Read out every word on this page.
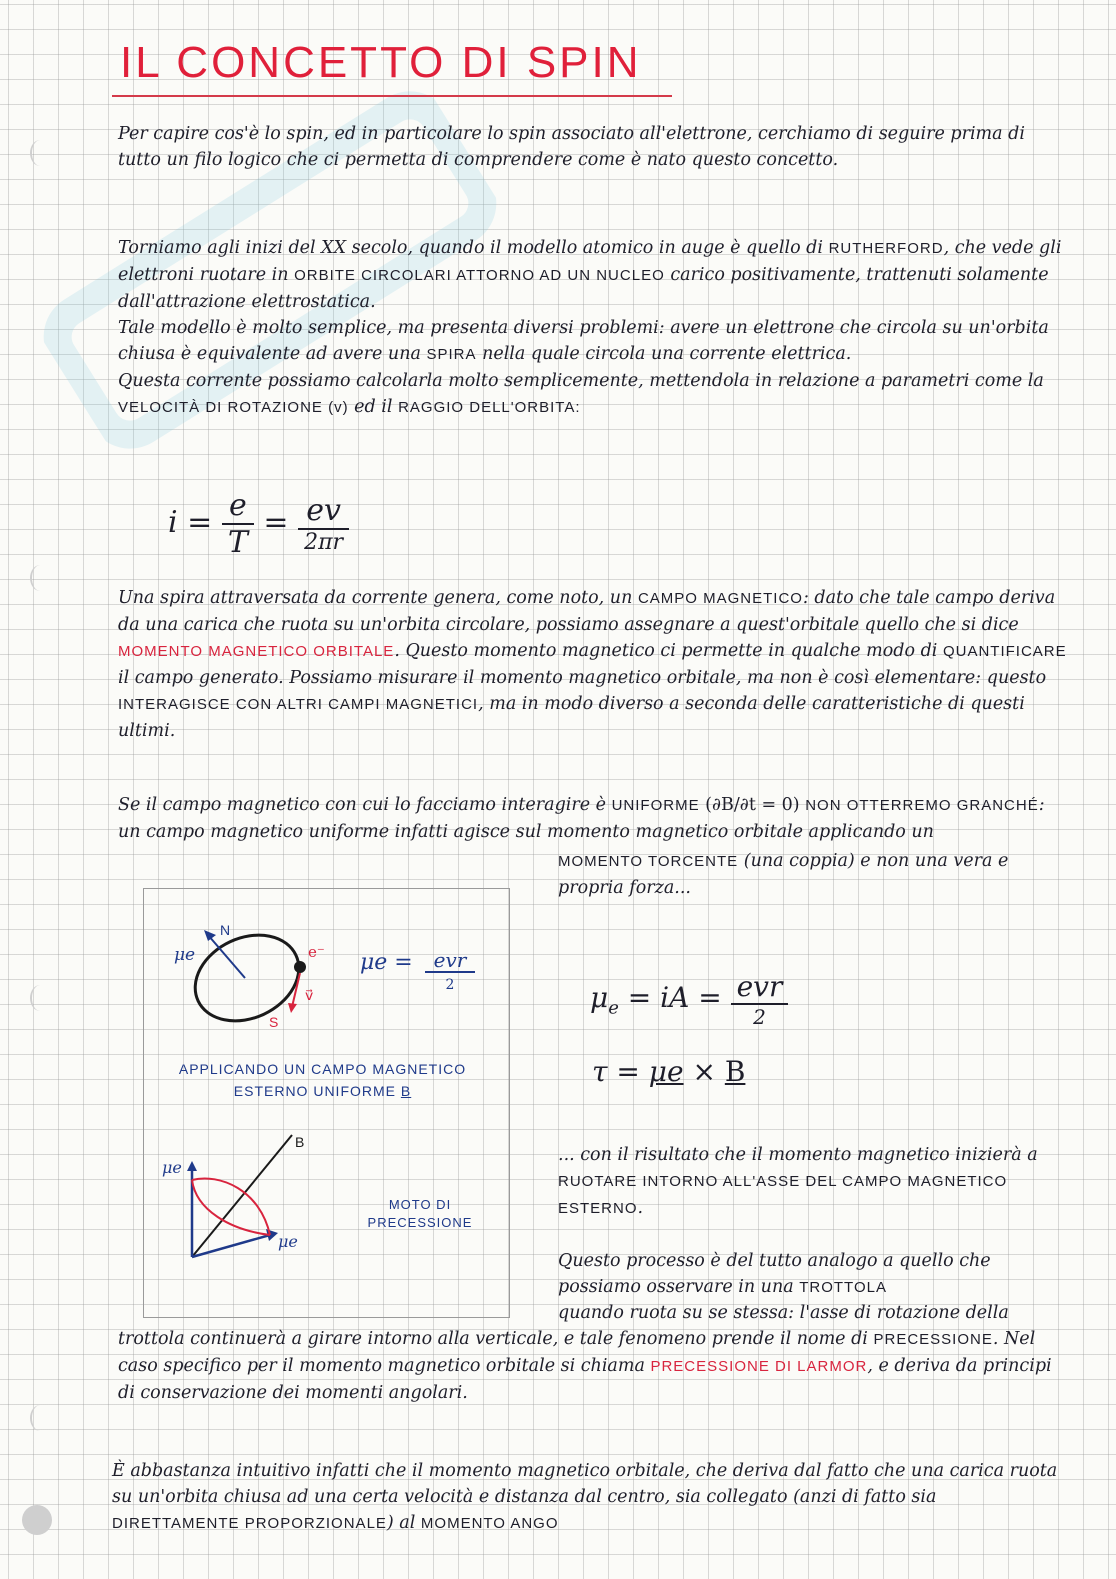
IL CONCETTO DI SPIN

Per capire cos'è lo spin, ed in particolare lo spin associato all'elettrone, cerchiamo di seguire prima di tutto un filo logico che ci permetta di comprendere come è nato questo concetto.

Torniamo agli inizi del XX secolo, quando il modello atomico in auge è quello di RUTHERFORD, che vede gli elettroni ruotare in ORBITE CIRCOLARI ATTORNO AD UN NUCLEO carico positivamente, trattenuti solamente dall'attrazione elettrostatica.
Tale modello è molto semplice, ma presenta diversi problemi: avere un elettrone che circola su un'orbita chiusa è equivalente ad avere una SPIRA nella quale circola una corrente elettrica.
Questa corrente possiamo calcolarla molto semplicemente, mettendola in relazione a parametri come la VELOCITÀ DI ROTAZIONE (v) ed il RAGGIO DELL'ORBITA:

$i = \frac{e}{T} = \frac{ev}{2\pi r}$

Una spira attraversata da corrente genera, come noto, un CAMPO MAGNETICO: dato che tale campo deriva da una carica che ruota su un'orbita circolare, possiamo assegnare a quest'orbitale quello che si dice MOMENTO MAGNETICO ORBITALE. Questo momento magnetico ci permette in qualche modo di QUANTIFICARE il campo generato. Possiamo misurare il momento magnetico orbitale, ma non è così elementare: questo INTERAGISCE CON ALTRI CAMPI MAGNETICI, ma in modo diverso a seconda delle caratteristiche di questi ultimi.

Se il campo magnetico con cui lo facciamo interagire è UNIFORME (∂B/∂t = 0) NON OTTERREMO GRANCHÉ: un campo magnetico uniforme infatti agisce sul momento magnetico orbitale applicando un

MOMENTO TORCENTE (una coppia) e non una vera e propria forza...

$\mu_e$ = iA = $\frac{\text{evr}}{2}$
τ = μe × B
μe
N
S
e⁻
v⃗
μe = evr
2
APPLICANDO UN CAMPO MAGNETICO
ESTERNO UNIFORME B
B
μe
μe
MOTO DI
PRECESSIONE

... con il risultato che il momento magnetico inizierà a RUOTARE INTORNO ALL'ASSE DEL CAMPO MAGNETICO ESTERNO.

Questo processo è del tutto analogo a quello che possiamo osservare in una TROTTOLA

quando ruota su se stessa: l'asse di rotazione della trottola continuerà a girare intorno alla verticale, e tale fenomeno prende il nome di PRECESSIONE. Nel caso specifico per il momento magnetico orbitale si chiama PRECESSIONE DI LARMOR, e deriva da principi di conservazione dei momenti angolari.

È abbastanza intuitivo infatti che il momento magnetico orbitale, che deriva dal fatto che una carica ruota su un'orbita chiusa ad una certa velocità e distanza dal centro, sia collegato (anzi di fatto sia DIRETTAMENTE PROPORZIONALE) al MOMENTO ANGO
